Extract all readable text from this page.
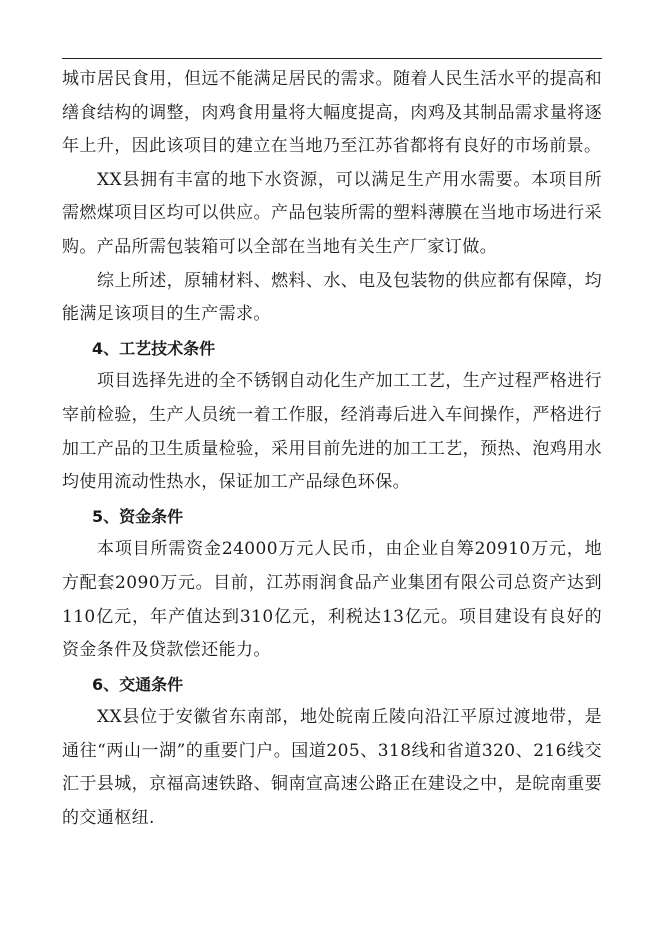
城市居民食用，但远不能满足居民的需求。随着人民生活水平的提高和缮食结构的调整，肉鸡食用量将大幅度提高，肉鸡及其制品需求量将逐年上升，因此该项目的建立在当地乃至江苏省都将有良好的市场前景。

XX县拥有丰富的地下水资源，可以满足生产用水需要。本项目所需燃煤项目区均可以供应。产品包装所需的塑料薄膜在当地市场进行采购。产品所需包装箱可以全部在当地有关生产厂家订做。

综上所述，原辅材料、燃料、水、电及包装物的供应都有保障，均能满足该项目的生产需求。

4、工艺技术条件

项目选择先进的全不锈钢自动化生产加工工艺，生产过程严格进行宰前检验，生产人员统一着工作服，经消毒后进入车间操作，严格进行加工产品的卫生质量检验，采用目前先进的加工工艺，预热、泡鸡用水均使用流动性热水，保证加工产品绿色环保。

5、资金条件

本项目所需资金24000万元人民币，由企业自筹20910万元，地方配套2090万元。目前，江苏雨润食品产业集团有限公司总资产达到110亿元，年产值达到310亿元，利税达13亿元。项目建设有良好的资金条件及贷款偿还能力。

6、交通条件

XX县位于安徽省东南部，地处皖南丘陵向沿江平原过渡地带，是通往“两山一湖”的重要门户。国道205、318线和省道320、216线交汇于县城，京福高速铁路、铜南宣高速公路正在建设之中，是皖南重要的交通枢纽.
